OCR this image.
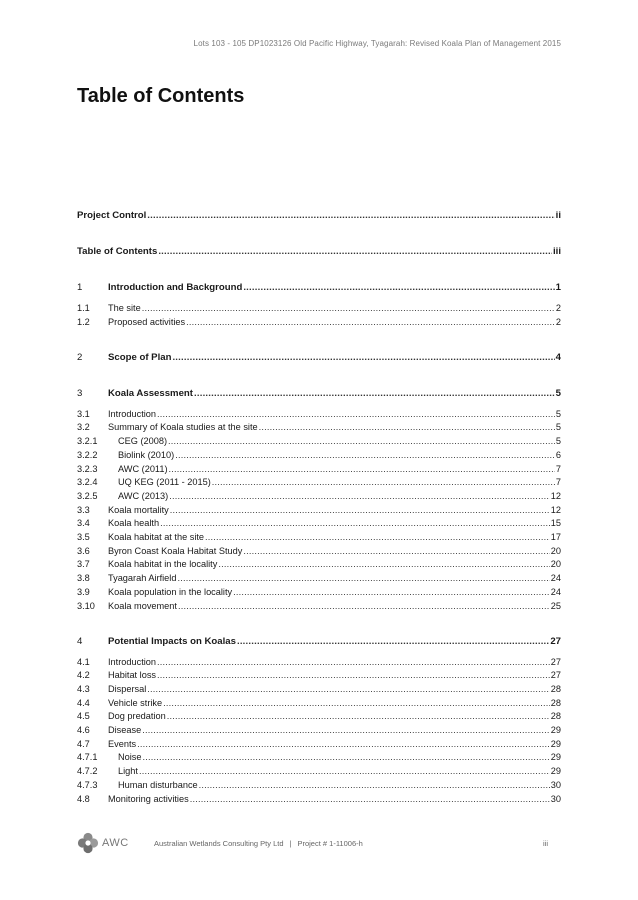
Lots 103 - 105 DP1023126 Old Pacific Highway, Tyagarah: Revised Koala Plan of Management 2015
Table of Contents
Project Control .....	ii
Table of Contents .....	iii
1	Introduction and Background .....	1
1.1	The site .....	2
1.2	Proposed activities .....	2
2	Scope of Plan .....	4
3	Koala Assessment .....	5
3.1	Introduction .....	5
3.2	Summary of Koala studies at the site .....	5
3.2.1	CEG (2008) .....	5
3.2.2	Biolink (2010) .....	6
3.2.3	AWC (2011) .....	7
3.2.4	UQ KEG (2011 - 2015) .....	7
3.2.5	AWC (2013) .....	12
3.3	Koala mortality .....	12
3.4	Koala health .....	15
3.5	Koala habitat at the site .....	17
3.6	Byron Coast Koala Habitat Study .....	20
3.7	Koala habitat in the locality .....	20
3.8	Tyagarah Airfield .....	24
3.9	Koala population in the locality .....	24
3.10	Koala movement .....	25
4	Potential Impacts on Koalas .....	27
4.1	Introduction .....	27
4.2	Habitat loss .....	27
4.3	Dispersal .....	28
4.4	Vehicle strike .....	28
4.5	Dog predation .....	28
4.6	Disease .....	29
4.7	Events .....	29
4.7.1	Noise .....	29
4.7.2	Light .....	29
4.7.3	Human disturbance .....	30
4.8	Monitoring activities .....	30
AWC	Australian Wetlands Consulting Pty Ltd | Project # 1-11006-h	iii
